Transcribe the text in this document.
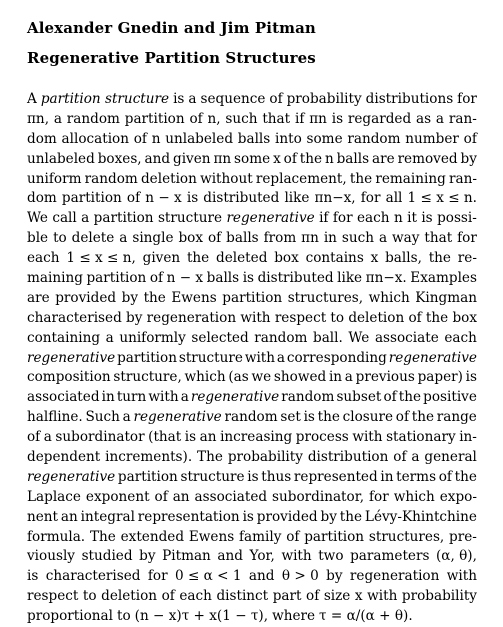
Alexander Gnedin and Jim Pitman
Regenerative Partition Structures
A partition structure is a sequence of probability distributions for
πn, a random partition of n, such that if πn is regarded as a ran-
dom allocation of n unlabeled balls into some random number of
unlabeled boxes, and given πn some x of the n balls are removed by
uniform random deletion without replacement, the remaining ran-
dom partition of n − x is distributed like πn−x, for all 1 ≤ x ≤ n.
We call a partition structure regenerative if for each n it is possi-
ble to delete a single box of balls from πn in such a way that for
each 1 ≤ x ≤ n, given the deleted box contains x balls, the re-
maining partition of n − x balls is distributed like πn−x. Examples
are provided by the Ewens partition structures, which Kingman
characterised by regeneration with respect to deletion of the box
containing a uniformly selected random ball. We associate each
regenerative partition structure with a corresponding regenerative
composition structure, which (as we showed in a previous paper) is
associated in turn with a regenerative random subset of the positive
halfline. Such a regenerative random set is the closure of the range
of a subordinator (that is an increasing process with stationary in-
dependent increments). The probability distribution of a general
regenerative partition structure is thus represented in terms of the
Laplace exponent of an associated subordinator, for which expo-
nent an integral representation is provided by the Lévy-Khintchine
formula. The extended Ewens family of partition structures, pre-
viously studied by Pitman and Yor, with two parameters (α, θ),
is characterised for 0 ≤ α < 1 and θ > 0 by regeneration with
respect to deletion of each distinct part of size x with probability
proportional to (n − x)τ + x(1 − τ), where τ = α/(α + θ).
